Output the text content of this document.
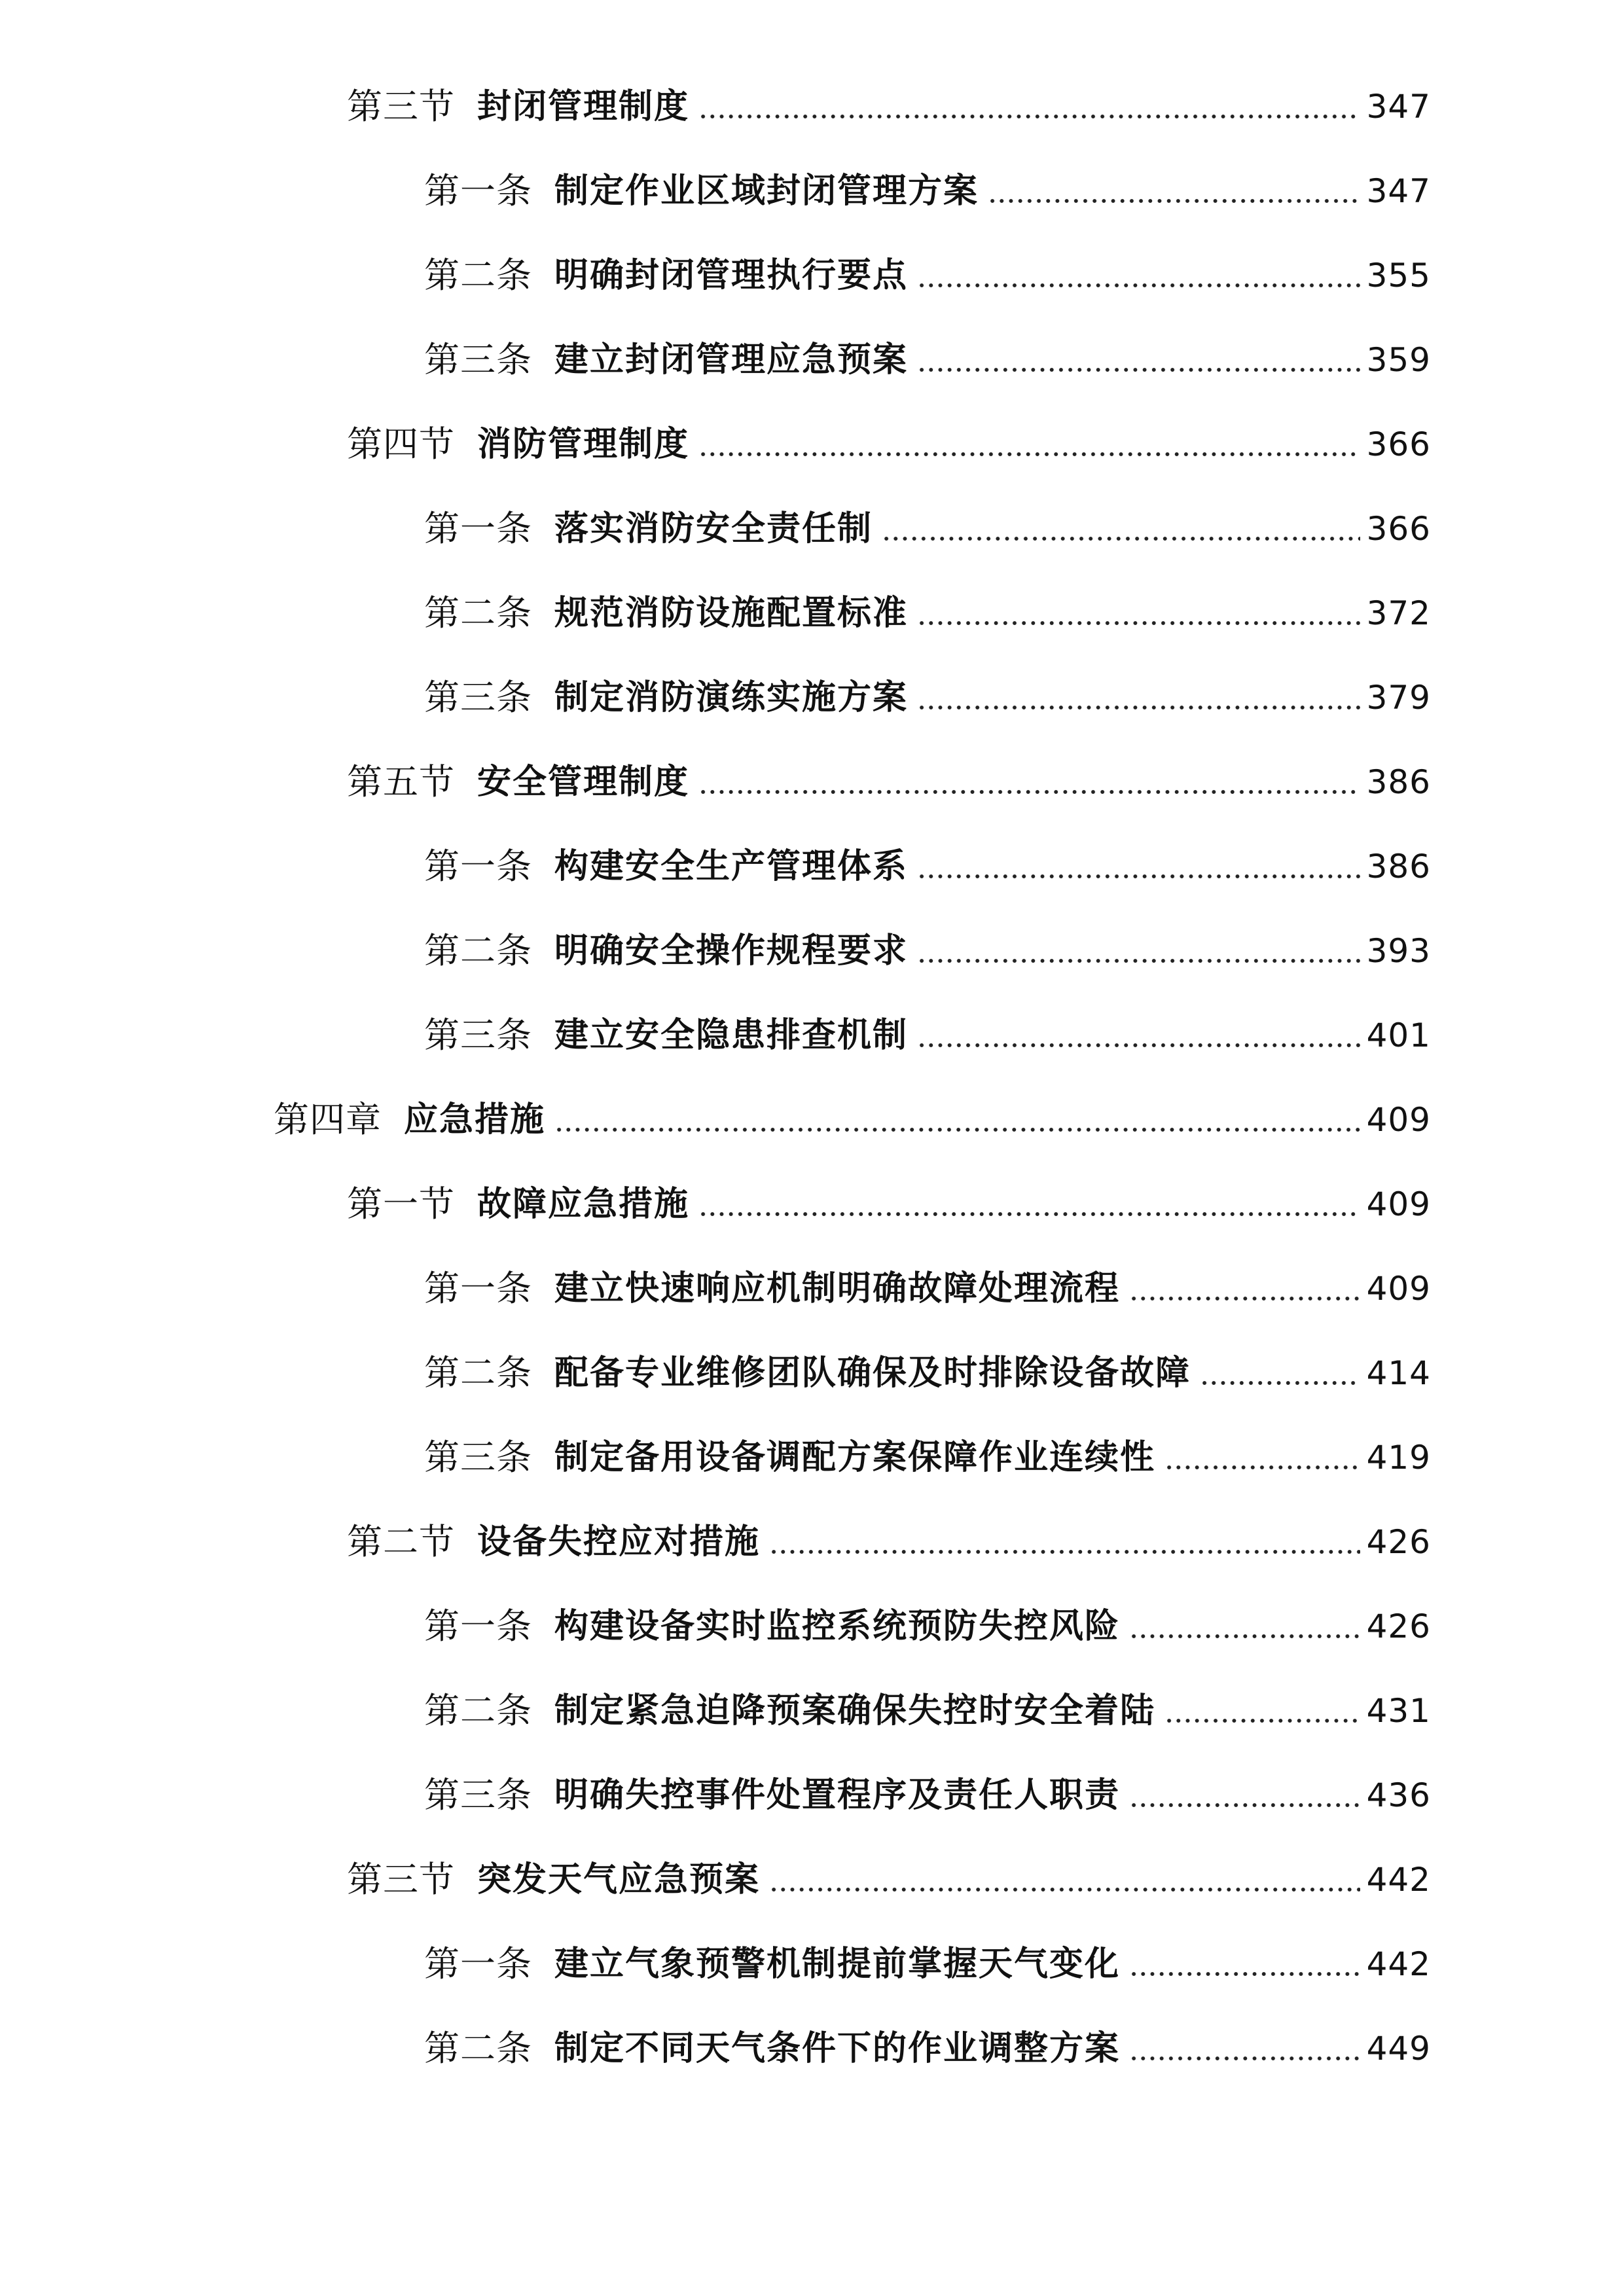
第三节 封闭管理制度	347
第一条 制定作业区域封闭管理方案	347
第二条 明确封闭管理执行要点	355
第三条 建立封闭管理应急预案	359
第四节 消防管理制度	366
第一条 落实消防安全责任制	366
第二条 规范消防设施配置标准	372
第三条 制定消防演练实施方案	379
第五节 安全管理制度	386
第一条 构建安全生产管理体系	386
第二条 明确安全操作规程要求	393
第三条 建立安全隐患排查机制	401
第四章 应急措施	409
第一节 故障应急措施	409
第一条 建立快速响应机制明确故障处理流程	409
第二条 配备专业维修团队确保及时排除设备故障	414
第三条 制定备用设备调配方案保障作业连续性	419
第二节 设备失控应对措施	426
第一条 构建设备实时监控系统预防失控风险	426
第二条 制定紧急迫降预案确保失控时安全着陆	431
第三条 明确失控事件处置程序及责任人职责	436
第三节 突发天气应急预案	442
第一条 建立气象预警机制提前掌握天气变化	442
第二条 制定不同天气条件下的作业调整方案	449
